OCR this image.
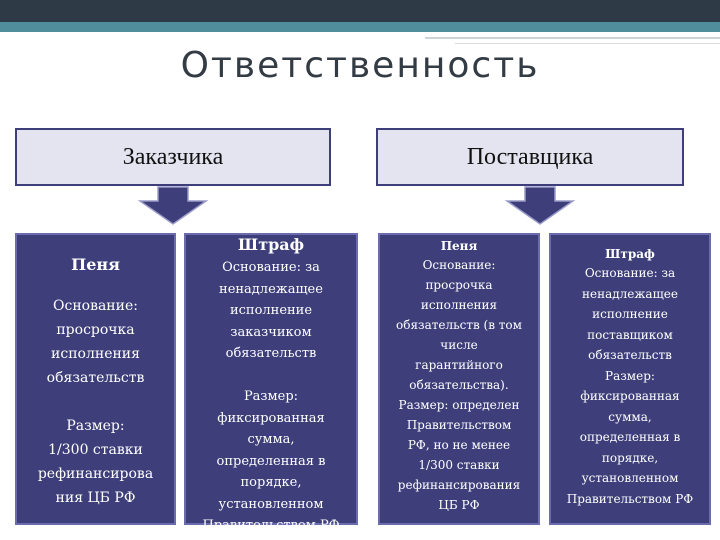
Ответственность
Заказчика	Поставщика
Пеня
Основание:
просрочка
исполнения
обязательств

Размер:
1/300 ставки
рефинансирова
ния ЦБ РФ
Штраф
Основание: за
ненадлежащее
исполнение
заказчиком
обязательств

Размер:
фиксированная
сумма,
определенная в
порядке,
установленном
Правительством РФ
Пеня
Основание:
просрочка
исполнения
обязательств (в том
числе
гарантийного
обязательства).
Размер: определен
Правительством
РФ, но не менее
1/300 ставки
рефинансирования
ЦБ РФ
Штраф
Основание: за
ненадлежащее
исполнение
поставщиком
обязательств
Размер:
фиксированная
сумма,
определенная в
порядке,
установленном
Правительством РФ
